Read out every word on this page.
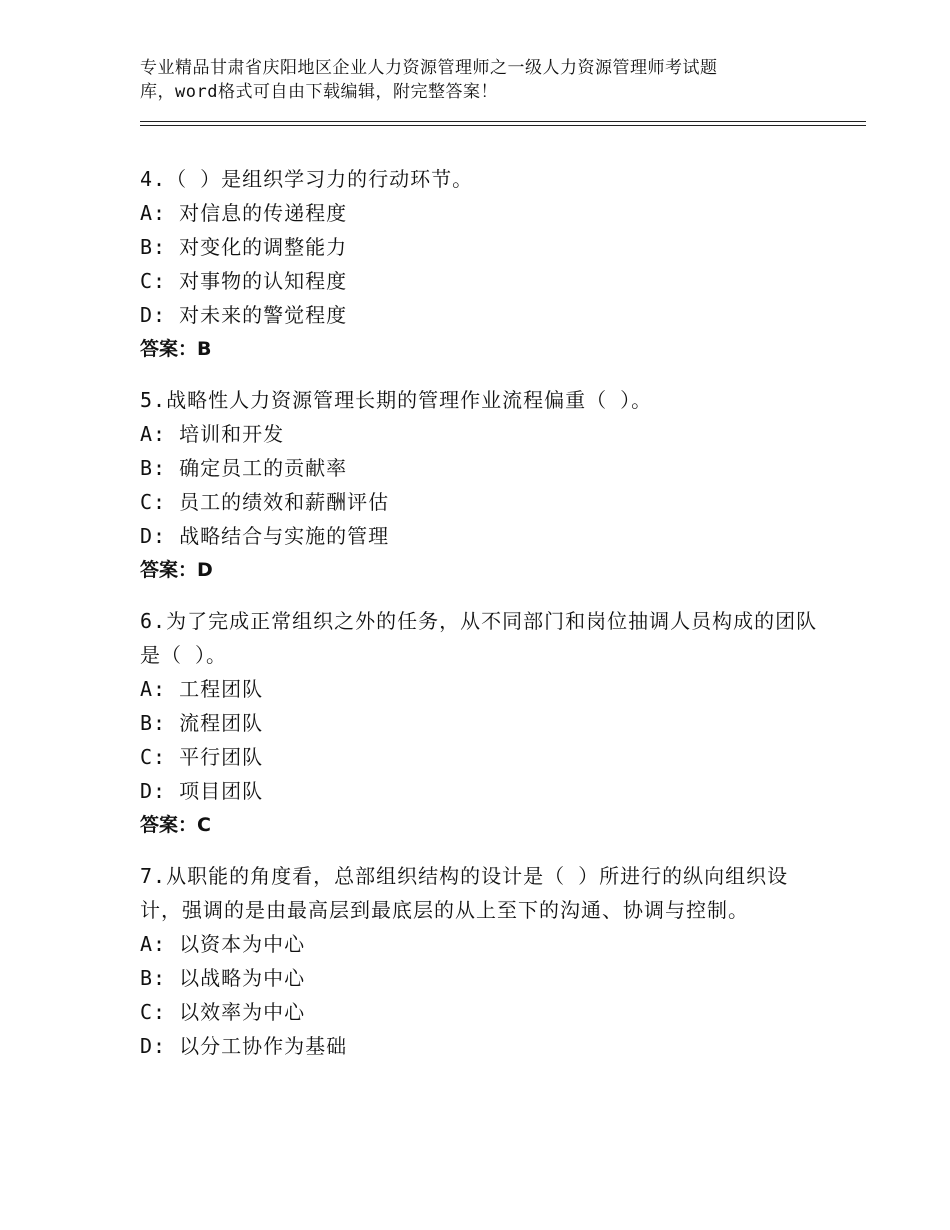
专业精品甘肃省庆阳地区企业人力资源管理师之一级人力资源管理师考试题
库，word格式可自由下载编辑，附完整答案！
4.（ ）是组织学习力的行动环节。
A:
对信息的传递程度
B:
对变化的调整能力
C:
对事物的认知程度
D:
对未来的警觉程度
答案：B
5.战略性人力资源管理长期的管理作业流程偏重（ ）。
A:
培训和开发
B:
确定员工的贡献率
C:
员工的绩效和薪酬评估
D:
战略结合与实施的管理
答案：D
6.为了完成正常组织之外的任务，从不同部门和岗位抽调人员构成的团队是（ ）。
A:
工程团队
B:
流程团队
C:
平行团队
D:
项目团队
答案：C
7.从职能的角度看，总部组织结构的设计是（ ）所进行的纵向组织设计，强调的是由最高层到最底层的从上至下的沟通、协调与控制。
A:
以资本为中心
B:
以战略为中心
C:
以效率为中心
D:
以分工协作为基础
